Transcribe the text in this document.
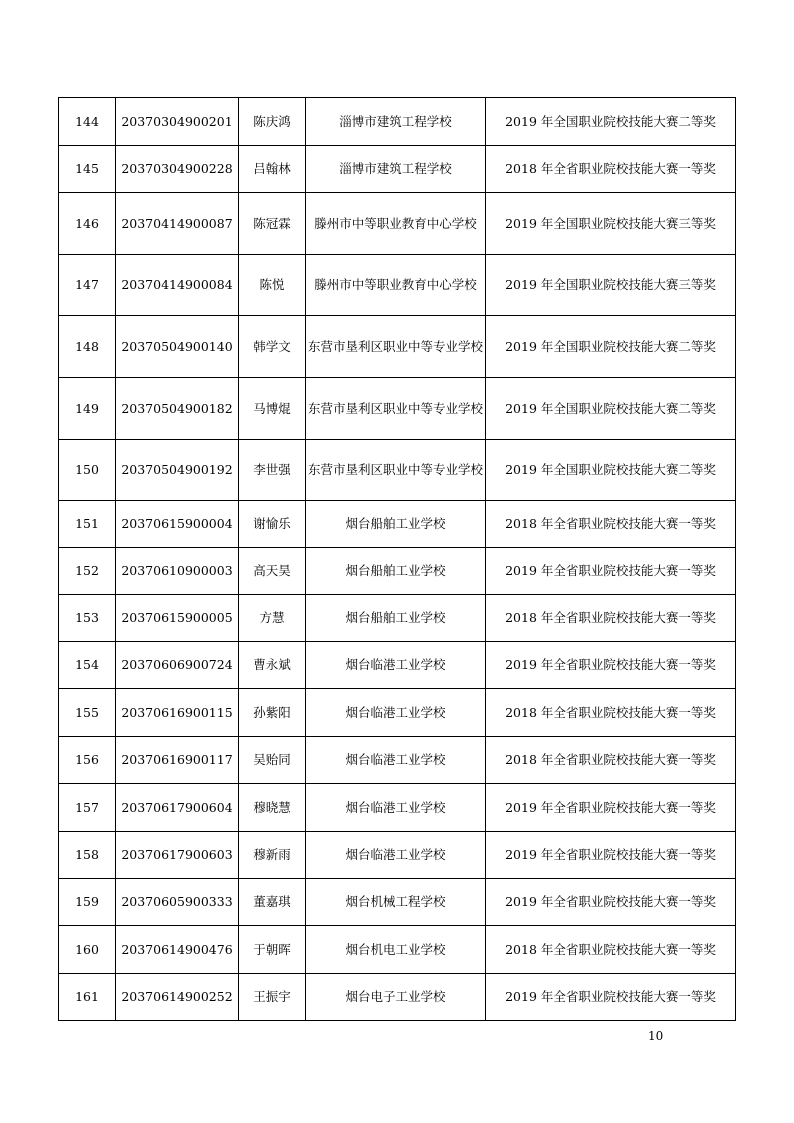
144	20370304900201	陈庆鸿	淄博市建筑工程学校	2019 年全国职业院校技能大赛二等奖
145	20370304900228	吕翰林	淄博市建筑工程学校	2018 年全省职业院校技能大赛一等奖
146	20370414900087	陈冠霖	滕州市中等职业教育中心学校	2019 年全国职业院校技能大赛三等奖
147	20370414900084	陈悦	滕州市中等职业教育中心学校	2019 年全国职业院校技能大赛三等奖
148	20370504900140	韩学文	东营市垦利区职业中等专业学校	2019 年全国职业院校技能大赛二等奖
149	20370504900182	马博焜	东营市垦利区职业中等专业学校	2019 年全国职业院校技能大赛二等奖
150	20370504900192	李世强	东营市垦利区职业中等专业学校	2019 年全国职业院校技能大赛二等奖
151	20370615900004	谢愉乐	烟台船舶工业学校	2018 年全省职业院校技能大赛一等奖
152	20370610900003	高天昊	烟台船舶工业学校	2019 年全省职业院校技能大赛一等奖
153	20370615900005	方慧	烟台船舶工业学校	2018 年全省职业院校技能大赛一等奖
154	20370606900724	曹永斌	烟台临港工业学校	2019 年全省职业院校技能大赛一等奖
155	20370616900115	孙紫阳	烟台临港工业学校	2018 年全省职业院校技能大赛一等奖
156	20370616900117	吴贻同	烟台临港工业学校	2018 年全省职业院校技能大赛一等奖
157	20370617900604	穆晓慧	烟台临港工业学校	2019 年全省职业院校技能大赛一等奖
158	20370617900603	穆新雨	烟台临港工业学校	2019 年全省职业院校技能大赛一等奖
159	20370605900333	董嘉琪	烟台机械工程学校	2019 年全省职业院校技能大赛一等奖
160	20370614900476	于朝晖	烟台机电工业学校	2018 年全省职业院校技能大赛一等奖
161	20370614900252	王振宇	烟台电子工业学校	2019 年全省职业院校技能大赛一等奖
10
